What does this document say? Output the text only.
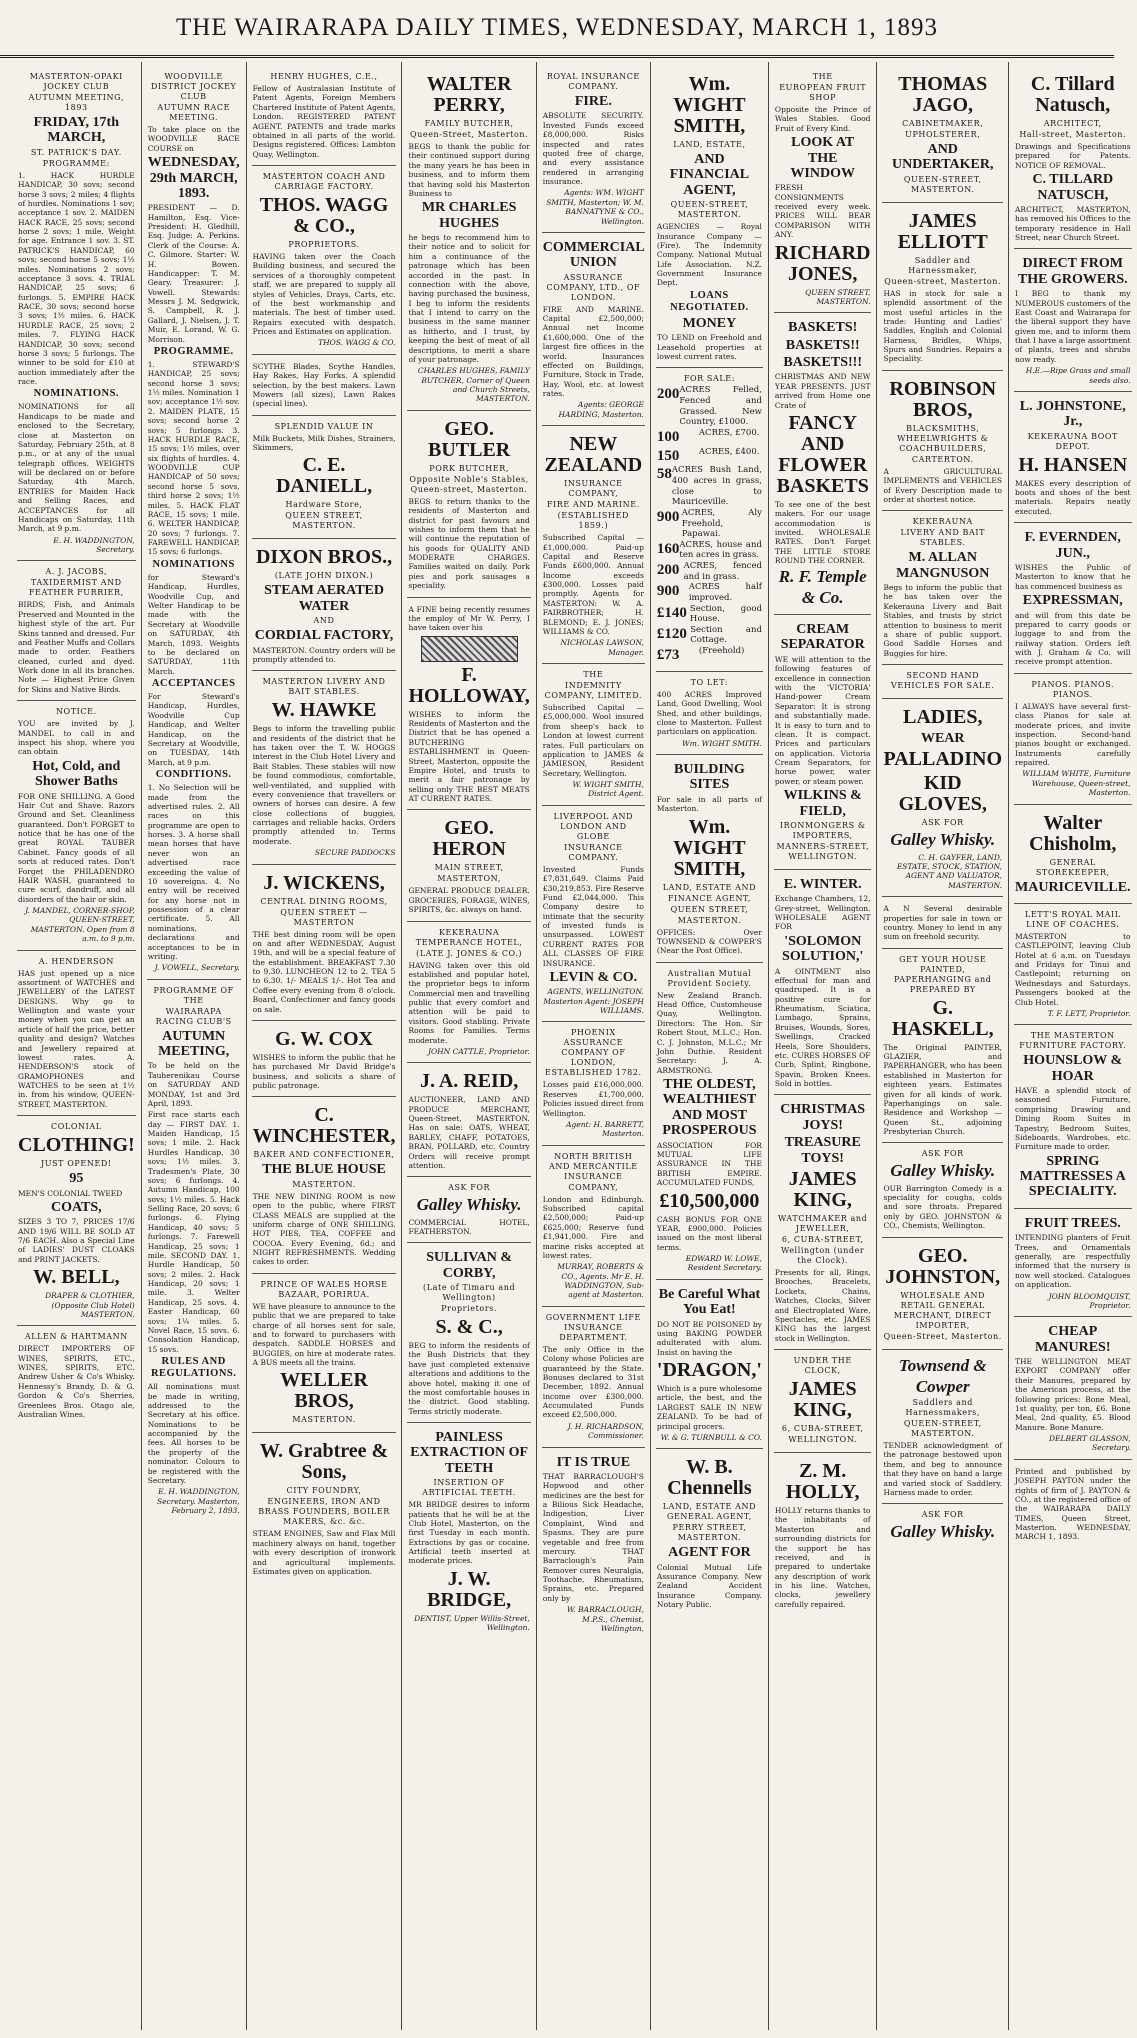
THE WAIRARAPA DAILY TIMES, WEDNESDAY, MARCH 1, 1893
MASTERTON-OPAKI JOCKEY CLUB
AUTUMN MEETING, 1893
FRIDAY, 17th MARCH,
ST. PATRICK'S DAY.
PROGRAMME:
1. HACK HURDLE HANDICAP, 30 sovs; second horse 3 sovs; 2 miles; 4 flights of hurdles. Nominations 1 sov; acceptance 1 sov. 2. MAIDEN HACK RACE, 25 sovs; second horse 2 sovs; 1 mile. Weight for age. Entrance 1 sov. 3. ST. PATRICK'S HANDICAP, 60 sovs; second horse 5 sovs; 1½ miles. Nominations 2 sovs; acceptance 3 sovs. 4. TRIAL HANDICAP, 25 sovs; 6 furlongs. 5. EMPIRE HACK RACE, 30 sovs; second horse 3 sovs; 1½ miles. 6. HACK HURDLE RACE, 25 sovs; 2 miles. 7. FLYING HACK HANDICAP, 30 sovs; second horse 3 sovs; 5 furlongs. The winner to be sold for £10 at auction immediately after the race.
NOMINATIONS.
NOMINATIONS for all Handicaps to be made and enclosed to the Secretary, close at Masterton on Saturday, February 25th, at 8 p.m., or at any of the usual telegraph offices. WEIGHTS will be declared on or before Saturday, 4th March. ENTRIES for Maiden Hack and Selling Races, and ACCEPTANCES for all Handicaps on Saturday, 11th March, at 9 p.m.
E. H. WADDINGTON, Secretary.
A. J. JACOBS,
TAXIDERMIST AND FEATHER FURRIER,
BIRDS, Fish, and Animals Preserved and Mounted in the highest style of the art. Fur Skins tanned and dressed. Fur and Feather Muffs and Collars made to order. Feathers cleaned, curled and dyed. Work done in all its branches. Note — Highest Price Given for Skins and Native Birds.
NOTICE.
YOU are invited by J. MANDEL to call in and inspect his shop, where you can obtain
Hot, Cold, and Shower Baths
FOR ONE SHILLING. A Good Hair Cut and Shave. Razors Ground and Set. Cleanliness guaranteed. Don't FORGET to notice that he has one of the great ROYAL TAUBER Cabinet. Fancy goods of all sorts at reduced rates. Don't Forget the PHILADENDRO HAIR WASH, guaranteed to cure scurf, dandruff, and all disorders of the hair or skin.
J. MANDEL, CORNER-SHOP, QUEEN-STREET, MASTERTON. Open from 8 a.m. to 9 p.m.
A. HENDERSON
HAS just opened up a nice assortment of WATCHES and JEWELLERY of the LATEST DESIGNS. Why go to Wellington and waste your money when you can get an article of half the price, better quality and design? Watches and Jewellery repaired at lowest rates. A. HENDERSON'S stock of GRAMOPHONES and WATCHES to be seen at 1½ in. from his window, QUEEN-STREET, MASTERTON.
COLONIAL
CLOTHING!
JUST OPENED!
95
MEN'S COLONIAL TWEED
COATS,
SIZES 3 TO 7, PRICES 17/6 AND 19/6 WILL BE SOLD AT 7/6 EACH. Also a Special Line of LADIES' DUST CLOAKS and PRINT JACKETS.
W. BELL,
DRAPER & CLOTHIER, (Opposite Club Hotel) MASTERTON.
ALLEN & HARTMANN
DIRECT IMPORTERS OF WINES, SPIRITS, ETC., WINES, SPIRITS, ETC. Andrew Usher & Co's Whisky. Hennessy's Brandy, D. & G. Gordon & Co's Sherries, Greenlees Bros. Otago ale, Australian Wines.
WOODVILLE DISTRICT JOCKEY CLUB
AUTUMN RACE MEETING.
To take place on the WOODVILLE RACE COURSE on
WEDNESDAY, 29th MARCH, 1893.
PRESIDENT — D. Hamilton, Esq. Vice-President: H. Gledhill, Esq. Judge: A. Perkins. Clerk of the Course: A. C. Gilmore. Starter: W. H. Bowen. Handicapper: T. M. Geary. Treasurer: J. Vowell. Stewards: Messrs J. M. Sedgwick, S. Campbell, R. J. Gallard, J. Nielsen, J. T. Muir, E. Lorand, W. G. Morrison.
PROGRAMME.
1. STEWARD'S HANDICAP, 25 sovs; second horse 3 sovs; 1½ miles. Nomination 1 sov; acceptance 1½ sov. 2. MAIDEN PLATE, 15 sovs; second horse 2 sovs; 5 furlongs. 3. HACK HURDLE RACE, 15 sovs; 1½ miles, over six flights of hurdles. 4. WOODVILLE CUP HANDICAP of 50 sovs; second horse 5 sovs, third horse 2 sovs; 1½ miles. 5. HACK FLAT RACE, 15 sovs; 1 mile. 6. WELTER HANDICAP, 20 sovs; 7 furlongs. 7. FAREWELL HANDICAP, 15 sovs; 6 furlongs.
NOMINATIONS
for Steward's Handicap, Hurdles, Woodville Cup, and Welter Handicap to be made with the Secretary at Woodville on SATURDAY, 4th March, 1893. Weights to be declared on SATURDAY, 11th March.
ACCEPTANCES
For Steward's Handicap, Hurdles, Woodville Cup Handicap, and Welter Handicap, on the Secretary at Woodville, on TUESDAY, 14th March, at 9 p.m.
CONDITIONS.
1. No Selection will be made from the advertised rules. 2. All races on this programme are open to horses. 3. A horse shall mean horses that have never won an advertised race exceeding the value of 10 sovereigns. 4. No entry will be received for any horse not in possession of a clear certificate. 5. All nominations, declarations and acceptances to be in writing.
J. VOWELL, Secretary.
PROGRAMME OF THE
WAIRARAPA RACING CLUB'S
AUTUMN MEETING,
To be held on the Tauherenikau Course on SATURDAY AND MONDAY, 1st and 3rd April, 1893.
First race starts each day — FIRST DAY. 1. Maiden Handicap, 15 sovs; 1 mile. 2. Hack Hurdles Handicap, 30 sovs; 1½ miles. 3. Tradesmen's Plate, 30 sovs; 6 furlongs. 4. Autumn Handicap, 100 sovs; 1½ miles. 5. Hack Selling Race, 20 sovs; 6 furlongs. 6. Flying Handicap, 40 sovs; 5 furlongs. 7. Farewell Handicap, 25 sovs; 1 mile. SECOND DAY. 1. Hurdle Handicap, 50 sovs; 2 miles. 2. Hack Handicap, 20 sovs; 1 mile. 3. Welter Handicap, 25 sovs. 4. Easter Handicap, 60 sovs; 1¼ miles. 5. Novel Race, 15 sovs. 6. Consolation Handicap, 15 sovs.
RULES AND REGULATIONS.
All nominations must be made in writing, addressed to the Secretary at his office. Nominations to be accompanied by the fees. All horses to be the property of the nominator. Colours to be registered with the Secretary.
E. H. WADDINGTON, Secretary. Masterton, February 2, 1893.
HENRY HUGHES, C.E.,
Fellow of Australasian Institute of Patent Agents, Foreign Members Chartered Institute of Patent Agents, London. REGISTERED PATENT AGENT. PATENTS and trade marks obtained in all parts of the world. Designs registered. Offices: Lambton Quay, Wellington.
MASTERTON COACH AND CARRIAGE FACTORY.
THOS. WAGG & CO.,
PROPRIETORS.
HAVING taken over the Coach Building business, and secured the services of a thoroughly competent staff, we are prepared to supply all styles of Vehicles, Drays, Carts, etc. of the best workmanship and materials. The best of timber used. Repairs executed with despatch. Prices and Estimates on application.
THOS. WAGG & CO.
SCYTHE Blades, Scythe Handles, Hay Rakes, Hay Forks. A splendid selection, by the best makers. Lawn Mowers (all sizes), Lawn Rakes (special lines).
SPLENDID VALUE IN
Milk Buckets, Milk Dishes, Strainers, Skimmers,
C. E. DANIELL,
Hardware Store,
QUEEN STREET, MASTERTON.
DIXON BROS.,
(LATE JOHN DIXON.)
STEAM AERATED WATER
AND
CORDIAL FACTORY,
MASTERTON. Country orders will be promptly attended to.
MASTERTON LIVERY AND BAIT STABLES.
W. HAWKE
Begs to inform the travelling public and residents of the district that he has taken over the T. W. HOGGS interest in the Club Hotel Livery and Bait Stables. These stables will now be found commodious, comfortable, well-ventilated, and supplied with every convenience that travellers or owners of horses can desire. A few close collections of buggies, carriages and reliable hacks. Orders promptly attended to. Terms moderate.
SECURE PADDOCKS
J. WICKENS,
CENTRAL DINING ROOMS,
QUEEN STREET — MASTERTON
THE best dining room will be open on and after WEDNESDAY, August 19th, and will be a special feature of the establishment. BREAKFAST 7.30 to 9.30. LUNCHEON 12 to 2. TEA 5 to 6.30. 1/- MEALS 1/-. Hot Tea and Coffee every evening from 8 o'clock. Board, Confectioner and fancy goods on sale.
G. W. COX
WISHES to inform the public that he has purchased Mr David Bridge's business, and solicits a share of public patronage.
C. WINCHESTER,
BAKER AND CONFECTIONER,
THE BLUE HOUSE
MASTERTON.
THE NEW DINING ROOM is now open to the public, where FIRST CLASS MEALS are supplied at the uniform charge of ONE SHILLING. HOT PIES, TEA, COFFEE and COCOA. Every Evening, 6d.; and NIGHT REFRESHMENTS. Wedding cakes to order.
PRINCE OF WALES HORSE BAZAAR, PORIRUA.
WE have pleasure to announce to the public that we are prepared to take charge of all horses sent for sale, and to forward to purchasers with despatch. SADDLE HORSES and BUGGIES, on hire at moderate rates. A BUS meets all the trains.
WELLER BROS,
MASTERTON.
W. Grabtree & Sons,
CITY FOUNDRY,
ENGINEERS, IRON AND BRASS FOUNDERS, BOILER MAKERS, &c. &c.
STEAM ENGINES, Saw and Flax Mill machinery always on hand, together with every description of ironwork and agricultural implements. Estimates given on application.
WALTER PERRY,
FAMILY BUTCHER,
Queen-Street, Masterton.
BEGS to thank the public for their continued support during the many years he has been in business, and to inform them that having sold his Masterton Business to
MR CHARLES HUGHES
he begs to recommend him to their notice and to solicit for him a continuance of the patronage which has been accorded in the past. In connection with the above, having purchased the business, I beg to inform the residents that I intend to carry on the business in the same manner as hitherto, and I trust, by keeping the best of meat of all descriptions, to merit a share of your patronage.
CHARLES HUGHES, FAMILY BUTCHER, Corner of Queen and Church Streets, MASTERTON.
GEO. BUTLER
PORK BUTCHER,
Opposite Noble's Stables, Queen-street, Masterton.
BEGS to return thanks to the residents of Masterton and district for past favours and wishes to inform them that he will continue the reputation of his goods for QUALITY AND MODERATE CHARGES. Families waited on daily. Pork pies and pork sausages a speciality.
A FINE being recently resumes the employ of Mr W. Perry, I have taken over his
F. HOLLOWAY,
WISHES to inform the Residents of Masterton and the District that he has opened a BUTCHERING ESTABLISHMENT in Queen-Street, Masterton, opposite the Empire Hotel, and trusts to merit a fair patronage by selling only THE BEST MEATS AT CURRENT RATES.
GEO. HERON
MAIN STREET,
MASTERTON,
GENERAL PRODUCE DEALER. GROCERIES, FORAGE, WINES, SPIRITS, &c. always on hand.
KEKERAUNA TEMPERANCE HOTEL,
(LATE J. JONES & CO.)
HAVING taken over this old established and popular hotel, the proprietor begs to inform Commercial men and travelling public that every comfort and attention will be paid to visitors. Good stabling. Private Rooms for Families. Terms moderate.
JOHN CATTLE, Proprietor.
J. A. REID,
AUCTIONEER, LAND AND PRODUCE MERCHANT, Queen-Street, MASTERTON. Has on sale: OATS, WHEAT, BARLEY, CHAFF, POTATOES, BRAN, POLLARD, etc. Country Orders will receive prompt attention.
ASK FOR
Galley Whisky.
COMMERCIAL HOTEL, FEATHERSTON.
SULLIVAN & CORBY,
(Late of Timaru and Wellington)
Proprietors.
S. & C.,
BEG to inform the residents of the Bush Districts that they have just completed extensive alterations and additions to the above hotel, making it one of the most comfortable houses in the district. Good stabling. Terms strictly moderate.
PAINLESS EXTRACTION OF TEETH
INSERTION OF ARTIFICIAL TEETH.
MR BRIDGE desires to inform patients that he will be at the Club Hotel, Masterton, on the first Tuesday in each month. Extractions by gas or cocaine. Artificial teeth inserted at moderate prices.
J. W. BRIDGE,
DENTIST, Upper Willis-Street, Wellington.
ROYAL INSURANCE COMPANY.
FIRE.
ABSOLUTE SECURITY. Invested Funds exceed £8,000,000. Risks inspected and rates quoted free of charge, and every assistance rendered in arranging insurance.
Agents: WM. WIGHT SMITH, Masterton; W. M. BANNATYNE & CO., Wellington.
COMMERCIAL UNION
ASSURANCE COMPANY, LTD., OF LONDON.
FIRE AND MARINE. Capital £2,500,000; Annual net Income £1,600,000. One of the largest fire offices in the world. Insurances effected on Buildings, Furniture, Stock in Trade, Hay, Wool, etc. at lowest rates.
Agents: GEORGE HARDING, Masterton.
NEW ZEALAND
INSURANCE COMPANY,
FIRE AND MARINE.
(ESTABLISHED 1859.)
Subscribed Capital — £1,000,000. Paid-up Capital and Reserve Funds £600,000. Annual Income exceeds £300,000. Losses paid promptly. Agents for MASTERTON: W. A. FAIRBROTHER; H. BLEMOND; E. J. JONES; WILLIAMS & CO.
NICHOLAS LAWSON, Manager.
THE
INDEMNITY COMPANY, LIMITED.
Subscribed Capital — £5,000,000. Wool insured from sheep's back to London at lowest current rates. Full particulars on application to JAMES & JAMIESON, Resident Secretary, Wellington.
W. WIGHT SMITH, District Agent.
LIVERPOOL AND LONDON AND GLOBE
INSURANCE COMPANY.
Invested Funds £7,831,649. Claims Paid £30,219,853. Fire Reserve Fund £2,044,000. This Company desire to intimate that the security of invested funds is unsurpassed. LOWEST CURRENT RATES FOR ALL CLASSES OF FIRE INSURANCE.
LEVIN & CO.
AGENTS, WELLINGTON. Masterton Agent: JOSEPH WILLIAMS.
PHOENIX ASSURANCE COMPANY OF LONDON, ESTABLISHED 1782.
Losses paid £16,000,000. Reserves £1,700,000. Policies issued direct from Wellington.
Agent: H. BARRETT, Masterton.
NORTH BRITISH AND MERCANTILE INSURANCE
COMPANY,
London and Edinburgh. Subscribed capital £2,500,000; Paid-up £625,000; Reserve fund £1,941,000. Fire and marine risks accepted at lowest rates.
MURRAY, ROBERTS & CO., Agents. Mr E. H. WADDINGTON, Sub-agent at Masterton.
GOVERNMENT LIFE INSURANCE DEPARTMENT.
The only Office in the Colony whose Policies are guaranteed by the State. Bonuses declared to 31st December, 1892. Annual income over £300,000. Accumulated Funds exceed £2,500,000.
J. H. RICHARDSON, Commissioner.
IT IS TRUE
THAT BARRACLOUGH'S Hopwood and other medicines are the best for a Bilious Sick Headache, Indigestion, Liver Complaint, Wind and Spasms. They are pure vegetable and free from mercury. THAT Barraclough's Pain Remover cures Neuralgia, Toothache, Rheumatism, Sprains, etc. Prepared only by
W. BARRACLOUGH, M.P.S., Chemist, Wellington.
Wm. WIGHT SMITH,
LAND, ESTATE,
AND FINANCIAL AGENT,
QUEEN-STREET, MASTERTON.
AGENCIES — Royal Insurance Company — (Fire). The Indemnity Company. National Mutual Life Association. N.Z. Government Insurance Dept.
LOANS NEGOTIATED.
MONEY
TO LEND on Freehold and Leasehold properties at lowest current rates.
FOR SALE:
200 ACRES Felled, Fenced and Grassed. New Country, £1000.
100	ACRES, £700.
150	ACRES, £400.
58 ACRES Bush Land, 400 acres in grass, close to Mauriceville.
900 ACRES, Aly Freehold, Papawai.
160 ACRES, house and ten acres in grass.
200 ACRES, fenced and in grass.
900	ACRES half improved.
£140 Section, good House.
£120 Section and Cottage.
£73	(Freehold)
TO LET:
400 ACRES Improved Land, Good Dwelling, Wool Shed, and other buildings, close to Masterton. Fullest particulars on application.
Wm. WIGHT SMITH.
BUILDING SITES
For sale in all parts of Masterton.
Wm. WIGHT SMITH,
LAND, ESTATE AND
FINANCE AGENT,
QUEEN STREET,
MASTERTON.
OFFICES: Over TOWNSEND & COWPER'S (Near the Post Office).
Australian Mutual Provident Society.
New Zealand Branch. Head Office, Customhouse Quay, Wellington. Directors: The Hon. Sir Robert Stout, M.L.C.; Hon. C. J. Johnston, M.L.C.; Mr John Duthie. Resident Secretary: J. A. ARMSTRONG.
THE OLDEST, WEALTHIEST AND MOST PROSPEROUS
ASSOCIATION FOR MUTUAL LIFE ASSURANCE IN THE BRITISH EMPIRE. ACCUMULATED FUNDS,
£10,500,000
CASH BONUS FOR ONE YEAR, £900,000. Policies issued on the most liberal terms.
EDWARD W. LOWE, Resident Secretary.
Be Careful What You Eat!
DO NOT BE POISONED by using BAKING POWDER adulterated with alum. Insist on having the
'DRAGON,'
Which is a pure wholesome article, the best, and the LARGEST SALE IN NEW ZEALAND. To be had of principal grocers.
W. & G. TURNBULL & CO.
W. B. Chennells
LAND, ESTATE AND GENERAL AGENT,
PERRY STREET, MASTERTON.
AGENT FOR
Colonial Mutual Life Assurance Company. New Zealand Accident Insurance Company. Notary Public.
THE
EUROPEAN FRUIT SHOP
Opposite the Prince of Wales Stables. Good Fruit of Every Kind.
LOOK AT THE WINDOW
FRESH CONSIGNMENTS received every week. PRICES WILL BEAR COMPARISON WITH ANY.
RICHARD JONES,
QUEEN STREET, MASTERTON.
BASKETS!
BASKETS!!
BASKETS!!!
CHRISTMAS AND NEW YEAR PRESENTS. JUST arrived from Home one Crate of
FANCY AND FLOWER BASKETS
To see one of the best makers. For our usage accommodation is invited. WHOLESALE RATES. Don't Forget THE LITTLE STORE ROUND THE CORNER.
R. F. Temple & Co.
CREAM SEPARATOR
WE will attention to the following features of excellence in connection with the 'VICTORIA' Hand-power Cream Separator: It is strong and substantially made. It is easy to turn and to clean. It is compact. Prices and particulars on application. Victoria Cream Separators, for horse power, water power, or steam power.
WILKINS & FIELD,
IRONMONGERS & IMPORTERS,
MANNERS-STREET, WELLINGTON.
E. WINTER.
Exchange Chambers, 12, Grey-street, Wellington. WHOLESALE AGENT FOR
'SOLOMON SOLUTION,'
A OINTMENT also effectual for man and quadruped. It is a positive cure for Rheumatism, Sciatica, Lumbago, Sprains, Bruises, Wounds, Sores, Swellings, Cracked Heels, Sore Shoulders, etc. CURES HORSES OF Curb, Splint, Ringbone, Spavin, Broken Knees. Sold in bottles.
CHRISTMAS JOYS!
TREASURE TOYS!
JAMES KING,
WATCHMAKER and JEWELLER,
6, CUBA-STREET,
Wellington (under the Clock).
Presents for all, Rings, Brooches, Bracelets, Lockets, Chains, Watches, Clocks, Silver and Electroplated Ware, Spectacles, etc. JAMES KING has the largest stock in Wellington.
UNDER THE CLOCK,
JAMES KING,
6, CUBA-STREET,
WELLINGTON.
Z. M. HOLLY,
HOLLY returns thanks to the inhabitants of Masterton and surrounding districts for the support he has received, and is prepared to undertake any description of work in his line. Watches, clocks, jewellery carefully repaired.
THOMAS JAGO,
CABINETMAKER,
UPHOLSTERER,
AND UNDERTAKER,
QUEEN-STREET, MASTERTON.
JAMES ELLIOTT
Saddler and Harnessmaker,
Queen-street, Masterton.
HAS in stock for sale a splendid assortment of the most useful articles in the trade: Hunting and Ladies' Saddles, English and Colonial Harness, Bridles, Whips, Spurs and Sundries. Repairs a Speciality.
ROBINSON BROS,
BLACKSMITHS, WHEELWRIGHTS & COACHBUILDERS,
CARTERTON.
A GRICULTURAL IMPLEMENTS and VEHICLES of Every Description made to order at shortest notice.
KEKERAUNA
LIVERY AND BAIT STABLES.
M. ALLAN MANGNUSON
Begs to inform the public that he has taken over the Kekerauna Livery and Bait Stables, and trusts by strict attention to business to merit a share of public support. Good Saddle Horses and Buggies for hire.
SECOND HAND VEHICLES FOR SALE.
LADIES,
WEAR
PALLADINO
KID GLOVES,
ASK FOR
Galley Whisky.
C. H. GAYFER, LAND, ESTATE, STOCK, STATION, AGENT AND VALUATOR, MASTERTON.
A N Several desirable properties for sale in town or country. Money to lend in any sum on freehold security.
GET YOUR HOUSE PAINTED, PAPERHANGING and PREPARED BY
G. HASKELL,
The Original PAINTER, GLAZIER, and PAPERHANGER, who has been established in Masterton for eighteen years. Estimates given for all kinds of work. Paperhangings on sale. Residence and Workshop — Queen St., adjoining Presbyterian Church.
ASK FOR
Galley Whisky.
OUR Barrington Comedy is a speciality for coughs, colds and sore throats. Prepared only by GEO. JOHNSTON & CO., Chemists, Wellington.
GEO. JOHNSTON,
WHOLESALE AND RETAIL GENERAL MERCHANT, DIRECT IMPORTER,
Queen-Street, Masterton.
Townsend & Cowper
Saddlers and Harnessmakers,
QUEEN-STREET, MASTERTON.
TENDER acknowledgment of the patronage bestowed upon them, and beg to announce that they have on hand a large and varied stock of Saddlery. Harness made to order.
ASK FOR
Galley Whisky.
C. Tillard Natusch,
ARCHITECT,
Hall-street, Masterton.
Drawings and Specifications prepared for Patents. NOTICE OF REMOVAL.
C. TILLARD NATUSCH,
ARCHITECT, MASTERTON, has removed his Offices to the temporary residence in Hall Street, near Church Street.
DIRECT FROM THE GROWERS.
I BEG to thank my NUMEROUS customers of the East Coast and Wairarapa for the liberal support they have given me, and to inform them that I have a large assortment of plants, trees and shrubs now ready.
H.E.—Ripe Grass and small seeds also.
L. JOHNSTONE, Jr.,
KEKERAUNA BOOT DEPOT.
H. HANSEN
MAKES every description of boots and shoes of the best materials. Repairs neatly executed.
F. EVERNDEN, JUN.,
WISHES the Public of Masterton to know that he has commenced business as
EXPRESSMAN,
and will from this date be prepared to carry goods or luggage to and from the railway station. Orders left with J. Graham & Co. will receive prompt attention.
PIANOS. PIANOS. PIANOS.
I ALWAYS have several first-class Pianos for sale at moderate prices, and invite inspection. Second-hand pianos bought or exchanged. Instruments carefully repaired.
WILLIAM WHITE, Furniture Warehouse, Queen-street, Masterton.
Walter Chisholm,
GENERAL STOREKEEPER,
MAURICEVILLE.
LETT'S ROYAL MAIL LINE OF COACHES.
MASTERTON to CASTLEPOINT, leaving Club Hotel at 6 a.m. on Tuesdays and Fridays for Tinui and Castlepoint; returning on Wednesdays and Saturdays. Passengers booked at the Club Hotel.
T. F. LETT, Proprietor.
THE MASTERTON FURNITURE FACTORY.
HOUNSLOW & HOAR
HAVE a splendid stock of seasoned Furniture, comprising Drawing and Dining Room Suites in Tapestry, Bedroom Suites, Sideboards, Wardrobes, etc. Furniture made to order.
SPRING MATTRESSES A SPECIALITY.
FRUIT TREES.
INTENDING planters of Fruit Trees, and Ornamentals generally, are respectfully informed that the nursery is now well stocked. Catalogues on application.
JOHN BLOOMQUIST, Proprietor.
CHEAP MANURES!
THE WELLINGTON MEAT EXPORT COMPANY offer their Manures, prepared by the American process, at the following prices: Bone Meal, 1st quality, per ton, £6. Bone Meal, 2nd quality, £5. Blood Manure. Bone Manure.
DELBERT GLASSON, Secretary.
Printed and published by JOSEPH PAYTON under the rights of firm of J. PAYTON & CO., at the registered office of the WAIRARAPA DAILY TIMES, Queen Street, Masterton. WEDNESDAY, MARCH 1, 1893.
